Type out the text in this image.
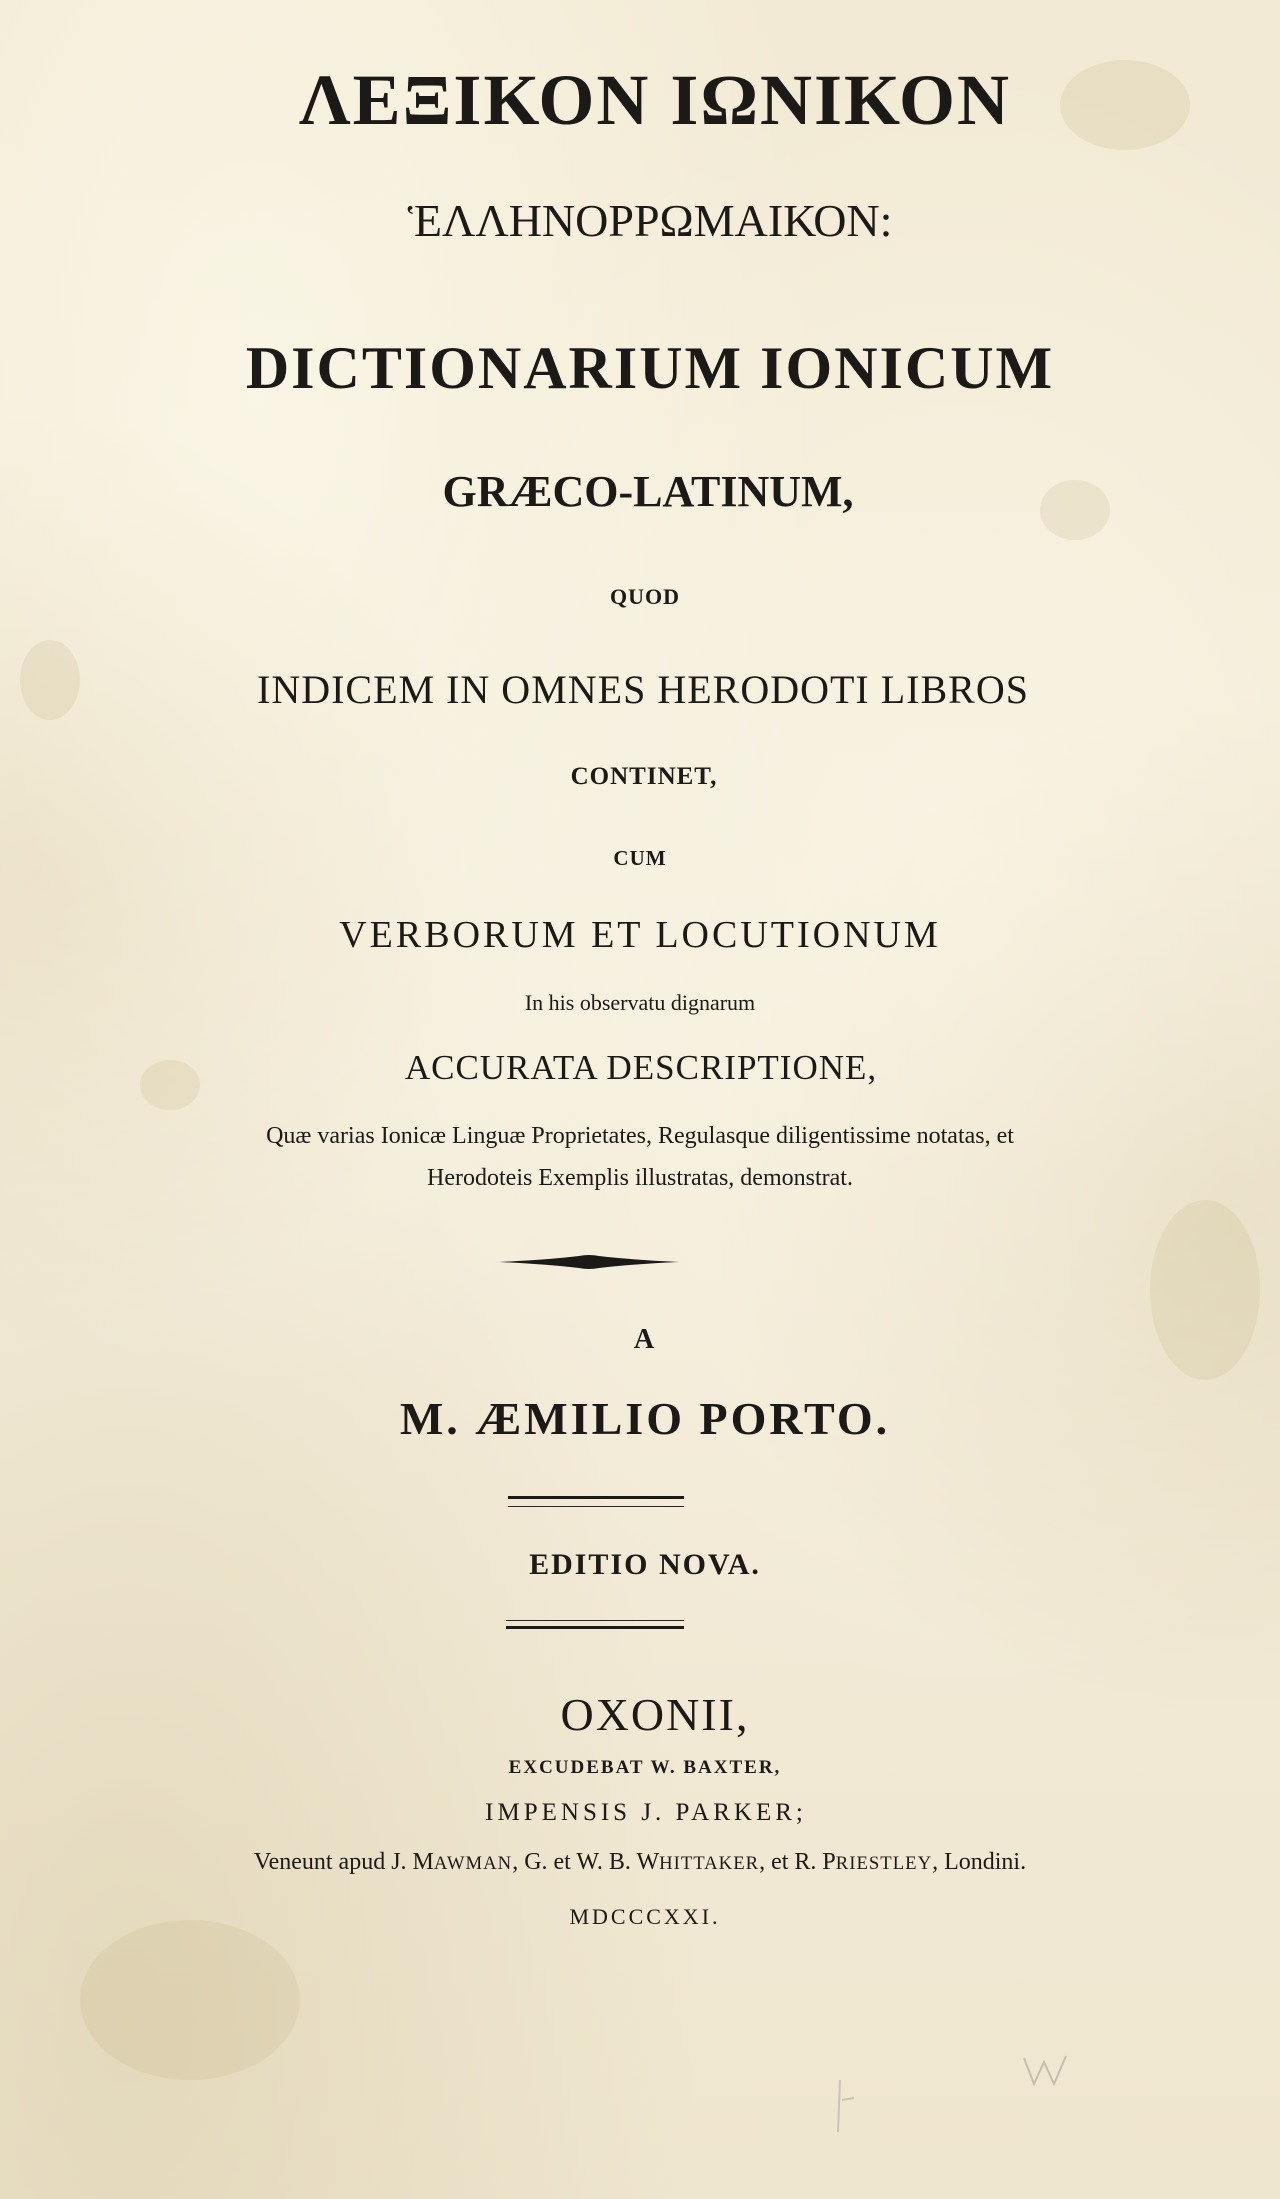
ΛΕΞΙΚΟΝ ΙΩΝΙΚΟΝ
ἙΛΛΗΝΟΡΡΩΜΑΙΚΟΝ:
DICTIONARIUM IONICUM
GRÆCO-LATINUM,
QUOD
INDICEM IN OMNES HERODOTI LIBROS
CONTINET,
CUM
VERBORUM ET LOCUTIONUM
In his observatu dignarum
ACCURATA DESCRIPTIONE,
Quæ varias Ionicæ Linguæ Proprietates, Regulasque diligentissime notatas, et
Herodoteis Exemplis illustratas, demonstrat.
A
M. ÆMILIO PORTO.
EDITIO NOVA.
OXONII,
EXCUDEBAT W. BAXTER,
IMPENSIS J. PARKER;
Veneunt apud J. MAWMAN, G. et W. B. WHITTAKER, et R. PRIESTLEY, Londini.
MDCCCXXI.
